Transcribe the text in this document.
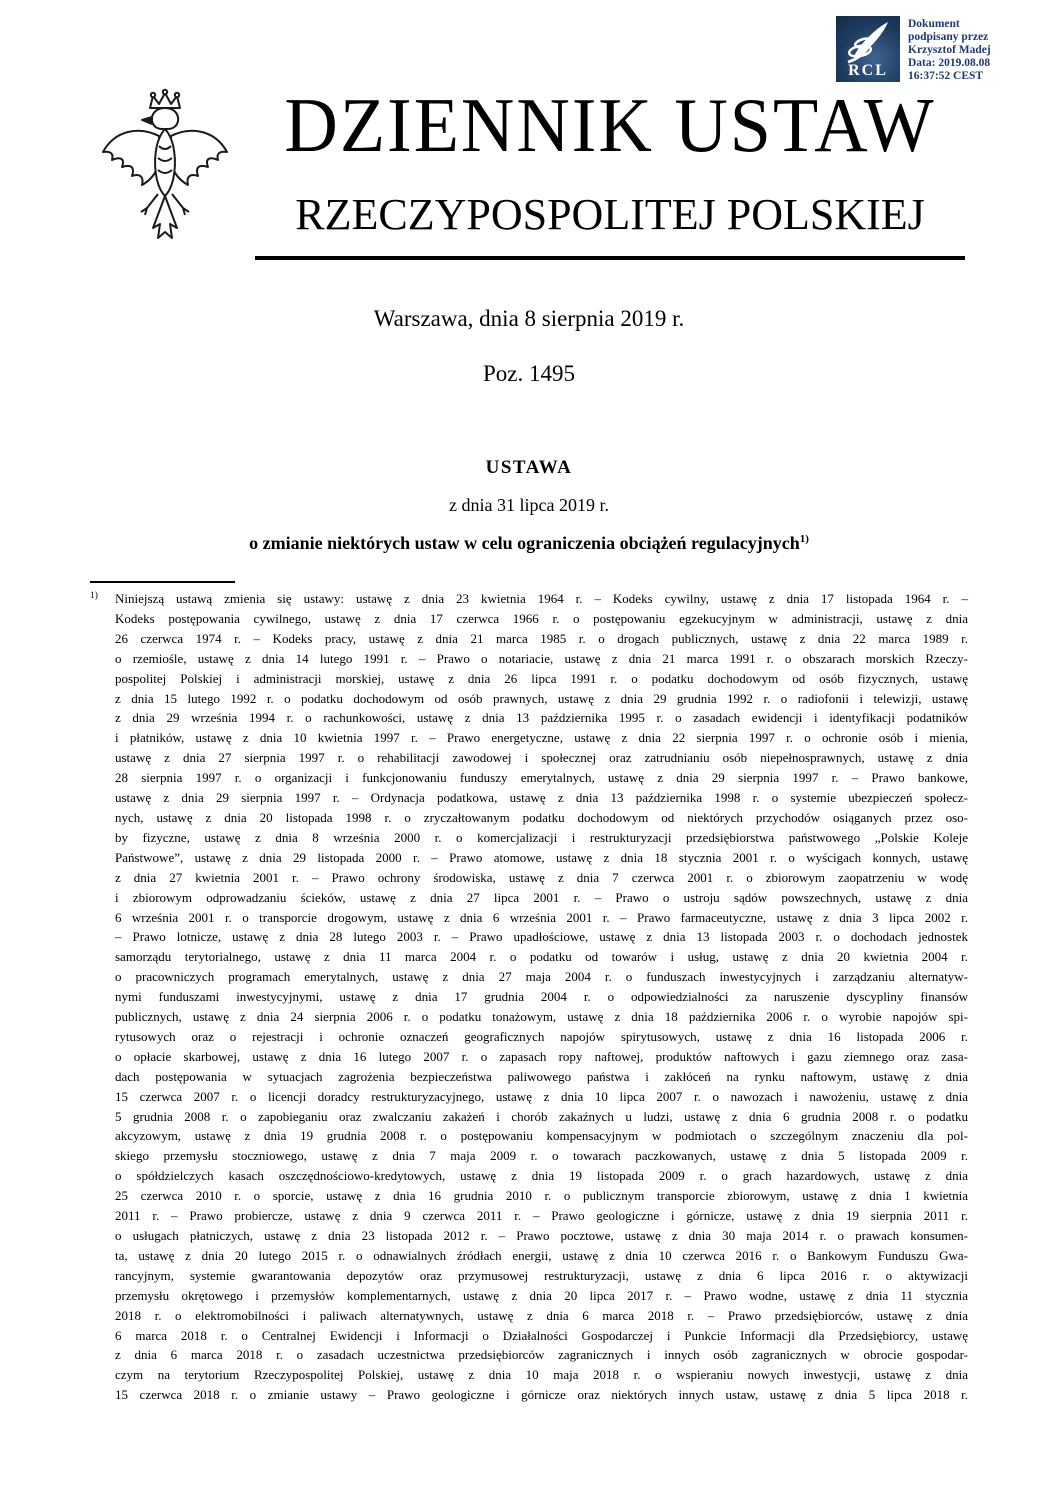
RCL
Dokument
podpisany przez
Krzysztof Madej
Data: 2019.08.08
16:37:52 CEST
DZIENNIK USTAW
RZECZYPOSPOLITEJ POLSKIEJ
Warszawa, dnia 8 sierpnia 2019 r.
Poz. 1495
USTAWA
z dnia 31 lipca 2019 r.
o zmianie niektórych ustaw w celu ograniczenia obciążeń regulacyjnych$^{1)}$
1) Niniejszą ustawą zmienia się ustawy: ustawę z dnia 23 kwietnia 1964 r. – Kodeks cywilny, ustawę z dnia 17 listopada 1964 r. –
Kodeks postępowania cywilnego, ustawę z dnia 17 czerwca 1966 r. o postępowaniu egzekucyjnym w administracji, ustawę z dnia
26 czerwca 1974 r. – Kodeks pracy, ustawę z dnia 21 marca 1985 r. o drogach publicznych, ustawę z dnia 22 marca 1989 r.
o rzemiośle, ustawę z dnia 14 lutego 1991 r. – Prawo o notariacie, ustawę z dnia 21 marca 1991 r. o obszarach morskich Rzeczy-
pospolitej Polskiej i administracji morskiej, ustawę z dnia 26 lipca 1991 r. o podatku dochodowym od osób fizycznych, ustawę
z dnia 15 lutego 1992 r. o podatku dochodowym od osób prawnych, ustawę z dnia 29 grudnia 1992 r. o radiofonii i telewizji, ustawę
z dnia 29 września 1994 r. o rachunkowości, ustawę z dnia 13 października 1995 r. o zasadach ewidencji i identyfikacji podatników
i płatników, ustawę z dnia 10 kwietnia 1997 r. – Prawo energetyczne, ustawę z dnia 22 sierpnia 1997 r. o ochronie osób i mienia,
ustawę z dnia 27 sierpnia 1997 r. o rehabilitacji zawodowej i społecznej oraz zatrudnianiu osób niepełnosprawnych, ustawę z dnia
28 sierpnia 1997 r. o organizacji i funkcjonowaniu funduszy emerytalnych, ustawę z dnia 29 sierpnia 1997 r. – Prawo bankowe,
ustawę z dnia 29 sierpnia 1997 r. – Ordynacja podatkowa, ustawę z dnia 13 października 1998 r. o systemie ubezpieczeń społecz-
nych, ustawę z dnia 20 listopada 1998 r. o zryczałtowanym podatku dochodowym od niektórych przychodów osiąganych przez oso-
by fizyczne, ustawę z dnia 8 września 2000 r. o komercjalizacji i restrukturyzacji przedsiębiorstwa państwowego „Polskie Koleje
Państwowe”, ustawę z dnia 29 listopada 2000 r. – Prawo atomowe, ustawę z dnia 18 stycznia 2001 r. o wyścigach konnych, ustawę
z dnia 27 kwietnia 2001 r. – Prawo ochrony środowiska, ustawę z dnia 7 czerwca 2001 r. o zbiorowym zaopatrzeniu w wodę
i zbiorowym odprowadzaniu ścieków, ustawę z dnia 27 lipca 2001 r. – Prawo o ustroju sądów powszechnych, ustawę z dnia
6 września 2001 r. o transporcie drogowym, ustawę z dnia 6 września 2001 r. – Prawo farmaceutyczne, ustawę z dnia 3 lipca 2002 r.
– Prawo lotnicze, ustawę z dnia 28 lutego 2003 r. – Prawo upadłościowe, ustawę z dnia 13 listopada 2003 r. o dochodach jednostek
samorządu terytorialnego, ustawę z dnia 11 marca 2004 r. o podatku od towarów i usług, ustawę z dnia 20 kwietnia 2004 r.
o pracowniczych programach emerytalnych, ustawę z dnia 27 maja 2004 r. o funduszach inwestycyjnych i zarządzaniu alternatyw-
nymi funduszami inwestycyjnymi, ustawę z dnia 17 grudnia 2004 r. o odpowiedzialności za naruszenie dyscypliny finansów
publicznych, ustawę z dnia 24 sierpnia 2006 r. o podatku tonażowym, ustawę z dnia 18 października 2006 r. o wyrobie napojów spi-
rytusowych oraz o rejestracji i ochronie oznaczeń geograficznych napojów spirytusowych, ustawę z dnia 16 listopada 2006 r.
o opłacie skarbowej, ustawę z dnia 16 lutego 2007 r. o zapasach ropy naftowej, produktów naftowych i gazu ziemnego oraz zasa-
dach postępowania w sytuacjach zagrożenia bezpieczeństwa paliwowego państwa i zakłóceń na rynku naftowym, ustawę z dnia
15 czerwca 2007 r. o licencji doradcy restrukturyzacyjnego, ustawę z dnia 10 lipca 2007 r. o nawozach i nawożeniu, ustawę z dnia
5 grudnia 2008 r. o zapobieganiu oraz zwalczaniu zakażeń i chorób zakaźnych u ludzi, ustawę z dnia 6 grudnia 2008 r. o podatku
akcyzowym, ustawę z dnia 19 grudnia 2008 r. o postępowaniu kompensacyjnym w podmiotach o szczególnym znaczeniu dla pol-
skiego przemysłu stoczniowego, ustawę z dnia 7 maja 2009 r. o towarach paczkowanych, ustawę z dnia 5 listopada 2009 r.
o spółdzielczych kasach oszczędnościowo-kredytowych, ustawę z dnia 19 listopada 2009 r. o grach hazardowych, ustawę z dnia
25 czerwca 2010 r. o sporcie, ustawę z dnia 16 grudnia 2010 r. o publicznym transporcie zbiorowym, ustawę z dnia 1 kwietnia
2011 r. – Prawo probiercze, ustawę z dnia 9 czerwca 2011 r. – Prawo geologiczne i górnicze, ustawę z dnia 19 sierpnia 2011 r.
o usługach płatniczych, ustawę z dnia 23 listopada 2012 r. – Prawo pocztowe, ustawę z dnia 30 maja 2014 r. o prawach konsumen-
ta, ustawę z dnia 20 lutego 2015 r. o odnawialnych źródłach energii, ustawę z dnia 10 czerwca 2016 r. o Bankowym Funduszu Gwa-
rancyjnym, systemie gwarantowania depozytów oraz przymusowej restrukturyzacji, ustawę z dnia 6 lipca 2016 r. o aktywizacji
przemysłu okrętowego i przemysłów komplementarnych, ustawę z dnia 20 lipca 2017 r. – Prawo wodne, ustawę z dnia 11 stycznia
2018 r. o elektromobilności i paliwach alternatywnych, ustawę z dnia 6 marca 2018 r. – Prawo przedsiębiorców, ustawę z dnia
6 marca 2018 r. o Centralnej Ewidencji i Informacji o Działalności Gospodarczej i Punkcie Informacji dla Przedsiębiorcy, ustawę
z dnia 6 marca 2018 r. o zasadach uczestnictwa przedsiębiorców zagranicznych i innych osób zagranicznych w obrocie gospodar-
czym na terytorium Rzeczypospolitej Polskiej, ustawę z dnia 10 maja 2018 r. o wspieraniu nowych inwestycji, ustawę z dnia
15 czerwca 2018 r. o zmianie ustawy – Prawo geologiczne i górnicze oraz niektórych innych ustaw, ustawę z dnia 5 lipca 2018 r.
